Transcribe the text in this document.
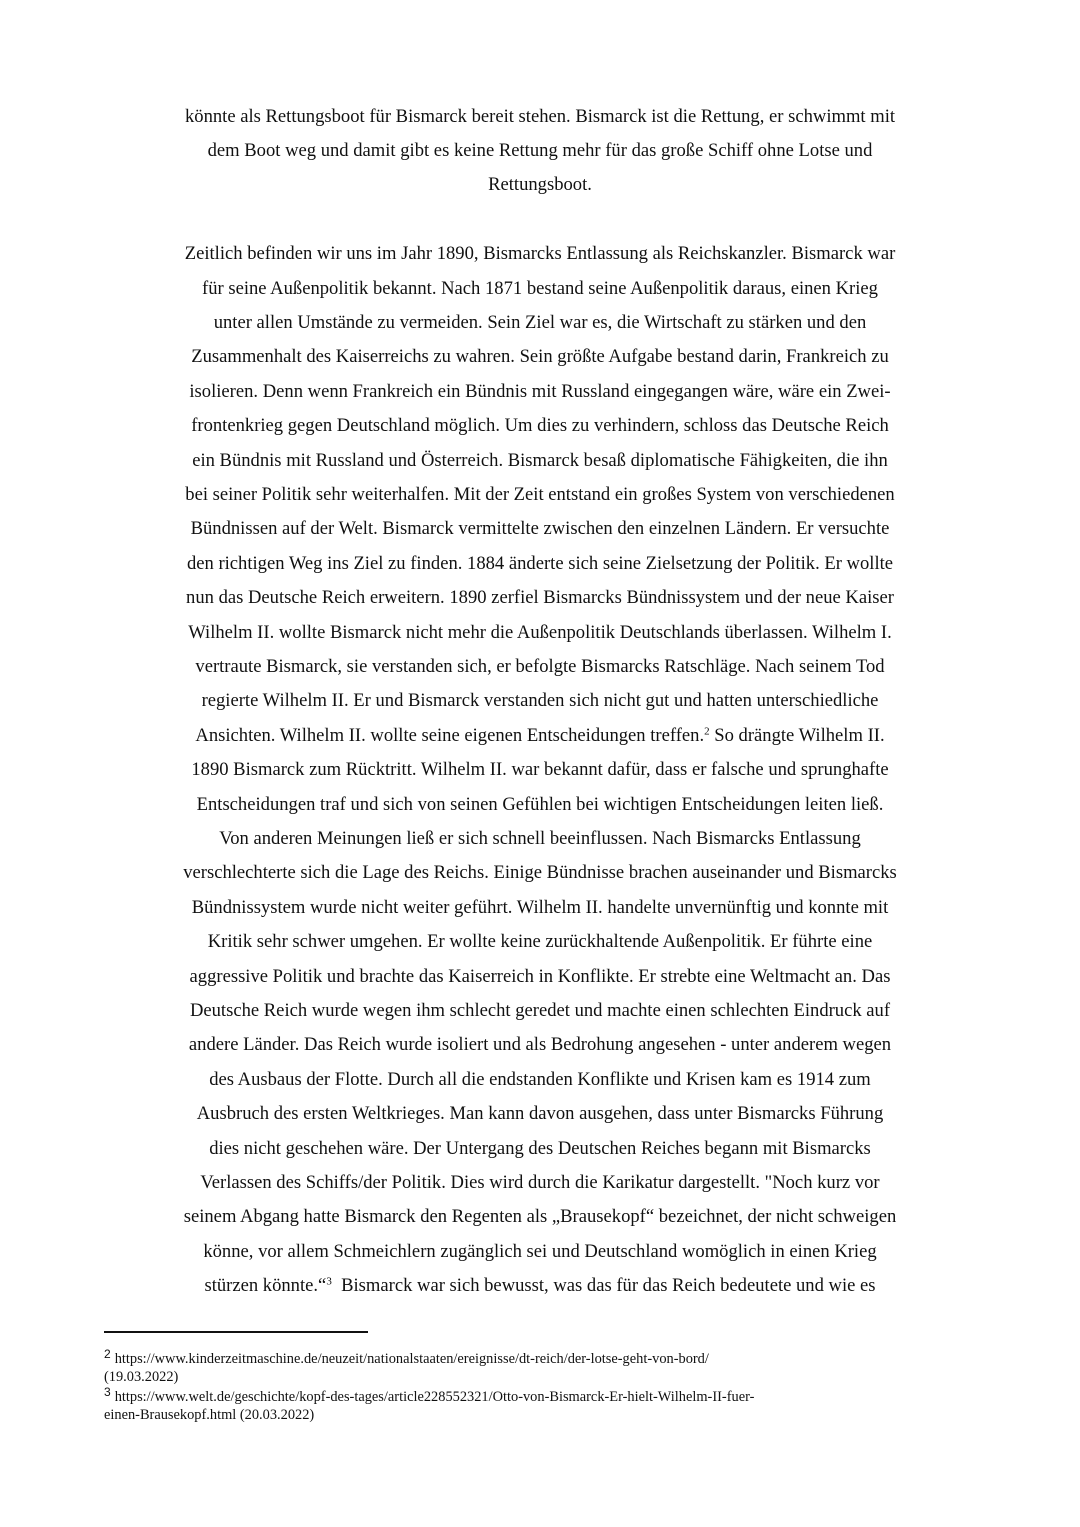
könnte als Rettungsboot für Bismarck bereit stehen. Bismarck ist die Rettung, er schwimmt mit
dem Boot weg und damit gibt es keine Rettung mehr für das große Schiff ohne Lotse und
Rettungsboot.
Zeitlich befinden wir uns im Jahr 1890, Bismarcks Entlassung als Reichskanzler. Bismarck war
für seine Außenpolitik bekannt. Nach 1871 bestand seine Außenpolitik daraus, einen Krieg
unter allen Umstände zu vermeiden. Sein Ziel war es, die Wirtschaft zu stärken und den
Zusammenhalt des Kaiserreichs zu wahren. Sein größte Aufgabe bestand darin, Frankreich zu
isolieren. Denn wenn Frankreich ein Bündnis mit Russland eingegangen wäre, wäre ein Zwei-
frontenkrieg gegen Deutschland möglich. Um dies zu verhindern, schloss das Deutsche Reich
ein Bündnis mit Russland und Österreich. Bismarck besaß diplomatische Fähigkeiten, die ihn
bei seiner Politik sehr weiterhalfen. Mit der Zeit entstand ein großes System von verschiedenen
Bündnissen auf der Welt. Bismarck vermittelte zwischen den einzelnen Ländern. Er versuchte
den richtigen Weg ins Ziel zu finden. 1884 änderte sich seine Zielsetzung der Politik. Er wollte
nun das Deutsche Reich erweitern. 1890 zerfiel Bismarcks Bündnissystem und der neue Kaiser
Wilhelm II. wollte Bismarck nicht mehr die Außenpolitik Deutschlands überlassen. Wilhelm I.
vertraute Bismarck, sie verstanden sich, er befolgte Bismarcks Ratschläge. Nach seinem Tod
regierte Wilhelm II. Er und Bismarck verstanden sich nicht gut und hatten unterschiedliche
Ansichten. Wilhelm II. wollte seine eigenen Entscheidungen treffen.$^2$ So drängte Wilhelm II.
1890 Bismarck zum Rücktritt. Wilhelm II. war bekannt dafür, dass er falsche und sprunghafte
Entscheidungen traf und sich von seinen Gefühlen bei wichtigen Entscheidungen leiten ließ.
Von anderen Meinungen ließ er sich schnell beeinflussen. Nach Bismarcks Entlassung
verschlechterte sich die Lage des Reichs. Einige Bündnisse brachen auseinander und Bismarcks
Bündnissystem wurde nicht weiter geführt. Wilhelm II. handelte unvernünftig und konnte mit
Kritik sehr schwer umgehen. Er wollte keine zurückhaltende Außenpolitik. Er führte eine
aggressive Politik und brachte das Kaiserreich in Konflikte. Er strebte eine Weltmacht an. Das
Deutsche Reich wurde wegen ihm schlecht geredet und machte einen schlechten Eindruck auf
andere Länder. Das Reich wurde isoliert und als Bedrohung angesehen - unter anderem wegen
des Ausbaus der Flotte. Durch all die endstanden Konflikte und Krisen kam es 1914 zum
Ausbruch des ersten Weltkrieges. Man kann davon ausgehen, dass unter Bismarcks Führung
dies nicht geschehen wäre. Der Untergang des Deutschen Reiches begann mit Bismarcks
Verlassen des Schiffs/der Politik. Dies wird durch die Karikatur dargestellt. "Noch kurz vor
seinem Abgang hatte Bismarck den Regenten als „Brausekopf“ bezeichnet, der nicht schweigen
könne, vor allem Schmeichlern zugänglich sei und Deutschland womöglich in einen Krieg
stürzen könnte.“$^3$  Bismarck war sich bewusst, was das für das Reich bedeutete und wie es
$^2$ https://www.kinderzeitmaschine.de/neuzeit/nationalstaaten/ereignisse/dt-reich/der-lotse-geht-von-bord/
(19.03.2022)
$^3$ https://www.welt.de/geschichte/kopf-des-tages/article228552321/Otto-von-Bismarck-Er-hielt-Wilhelm-II-fuer-
einen-Brausekopf.html (20.03.2022)
